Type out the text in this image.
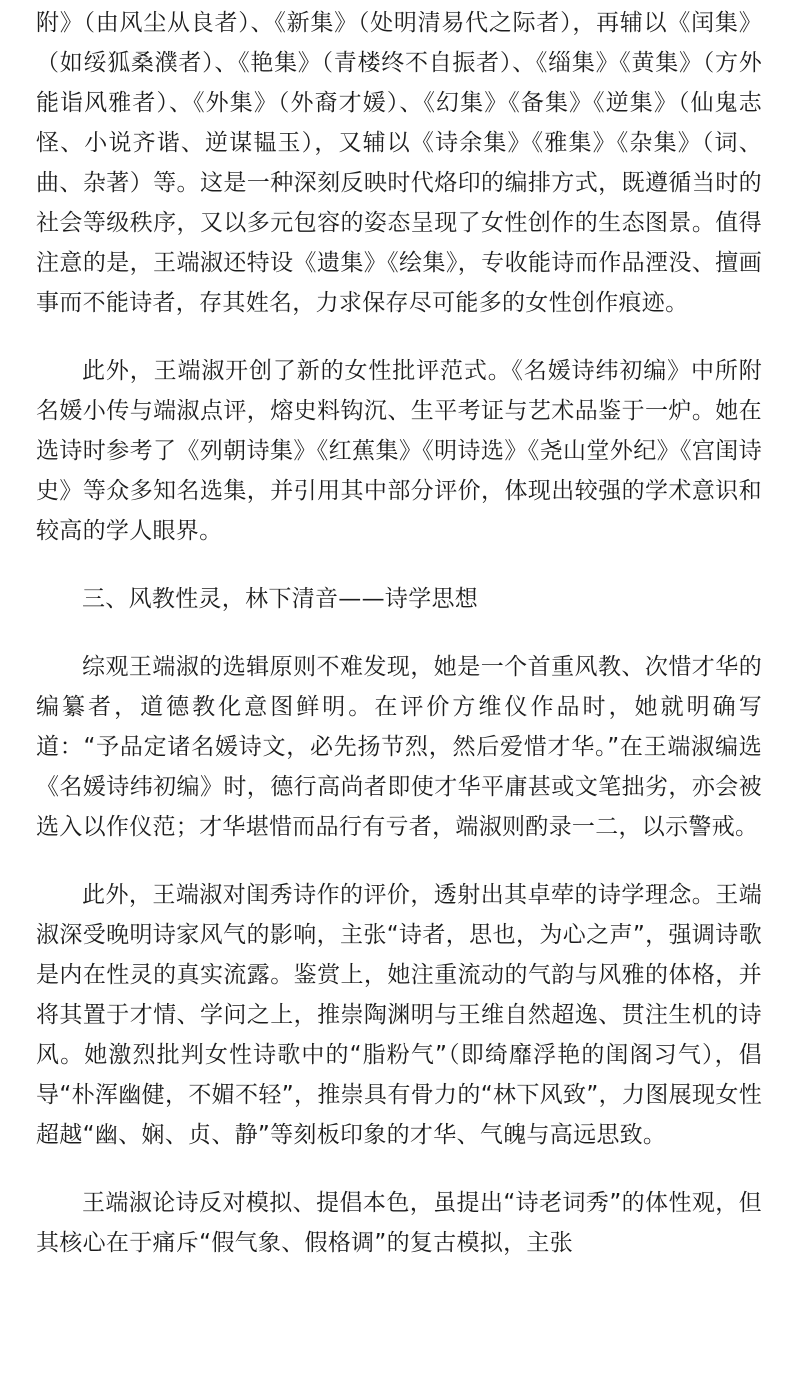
附》（由风尘从良者）、《新集》（处明清易代之际者），再辅以《闰集》（如绥狐桑濮者）、《艳集》（青楼终不自振者）、《缁集》《黄集》（方外能诣风雅者）、《外集》（外裔才媛）、《幻集》《备集》《逆集》（仙鬼志怪、小说齐谐、逆谋韫玉），又辅以《诗余集》《雅集》《杂集》（词、曲、杂著）等。这是一种深刻反映时代烙印的编排方式，既遵循当时的社会等级秩序，又以多元包容的姿态呈现了女性创作的生态图景。值得注意的是，王端淑还特设《遗集》《绘集》，专收能诗而作品湮没、擅画事而不能诗者，存其姓名，力求保存尽可能多的女性创作痕迹。

此外，王端淑开创了新的女性批评范式。《名媛诗纬初编》中所附名媛小传与端淑点评，熔史料钩沉、生平考证与艺术品鉴于一炉。她在选诗时参考了《列朝诗集》《红蕉集》《明诗选》《尧山堂外纪》《宫闺诗史》等众多知名选集，并引用其中部分评价，体现出较强的学术意识和较高的学人眼界。

三、风教性灵，林下清音——诗学思想

综观王端淑的选辑原则不难发现，她是一个首重风教、次惜才华的编纂者，道德教化意图鲜明。在评价方维仪作品时，她就明确写道：“予品定诸名媛诗文，必先扬节烈，然后爱惜才华。”在王端淑编选《名媛诗纬初编》时，德行高尚者即使才华平庸甚或文笔拙劣，亦会被选入以作仪范；才华堪惜而品行有亏者，端淑则酌录一二，以示警戒。

此外，王端淑对闺秀诗作的评价，透射出其卓荦的诗学理念。王端淑深受晚明诗家风气的影响，主张“诗者，思也，为心之声”，强调诗歌是内在性灵的真实流露。鉴赏上，她注重流动的气韵与风雅的体格，并将其置于才情、学问之上，推崇陶渊明与王维自然超逸、贯注生机的诗风。她激烈批判女性诗歌中的“脂粉气”（即绮靡浮艳的闺阁习气），倡导“朴浑幽健，不媚不轻”，推崇具有骨力的“林下风致”，力图展现女性超越“幽、娴、贞、静”等刻板印象的才华、气魄与高远思致。

王端淑论诗反对模拟、提倡本色，虽提出“诗老词秀”的体性观，但其核心在于痛斥“假气象、假格调”的复古模拟，主张
